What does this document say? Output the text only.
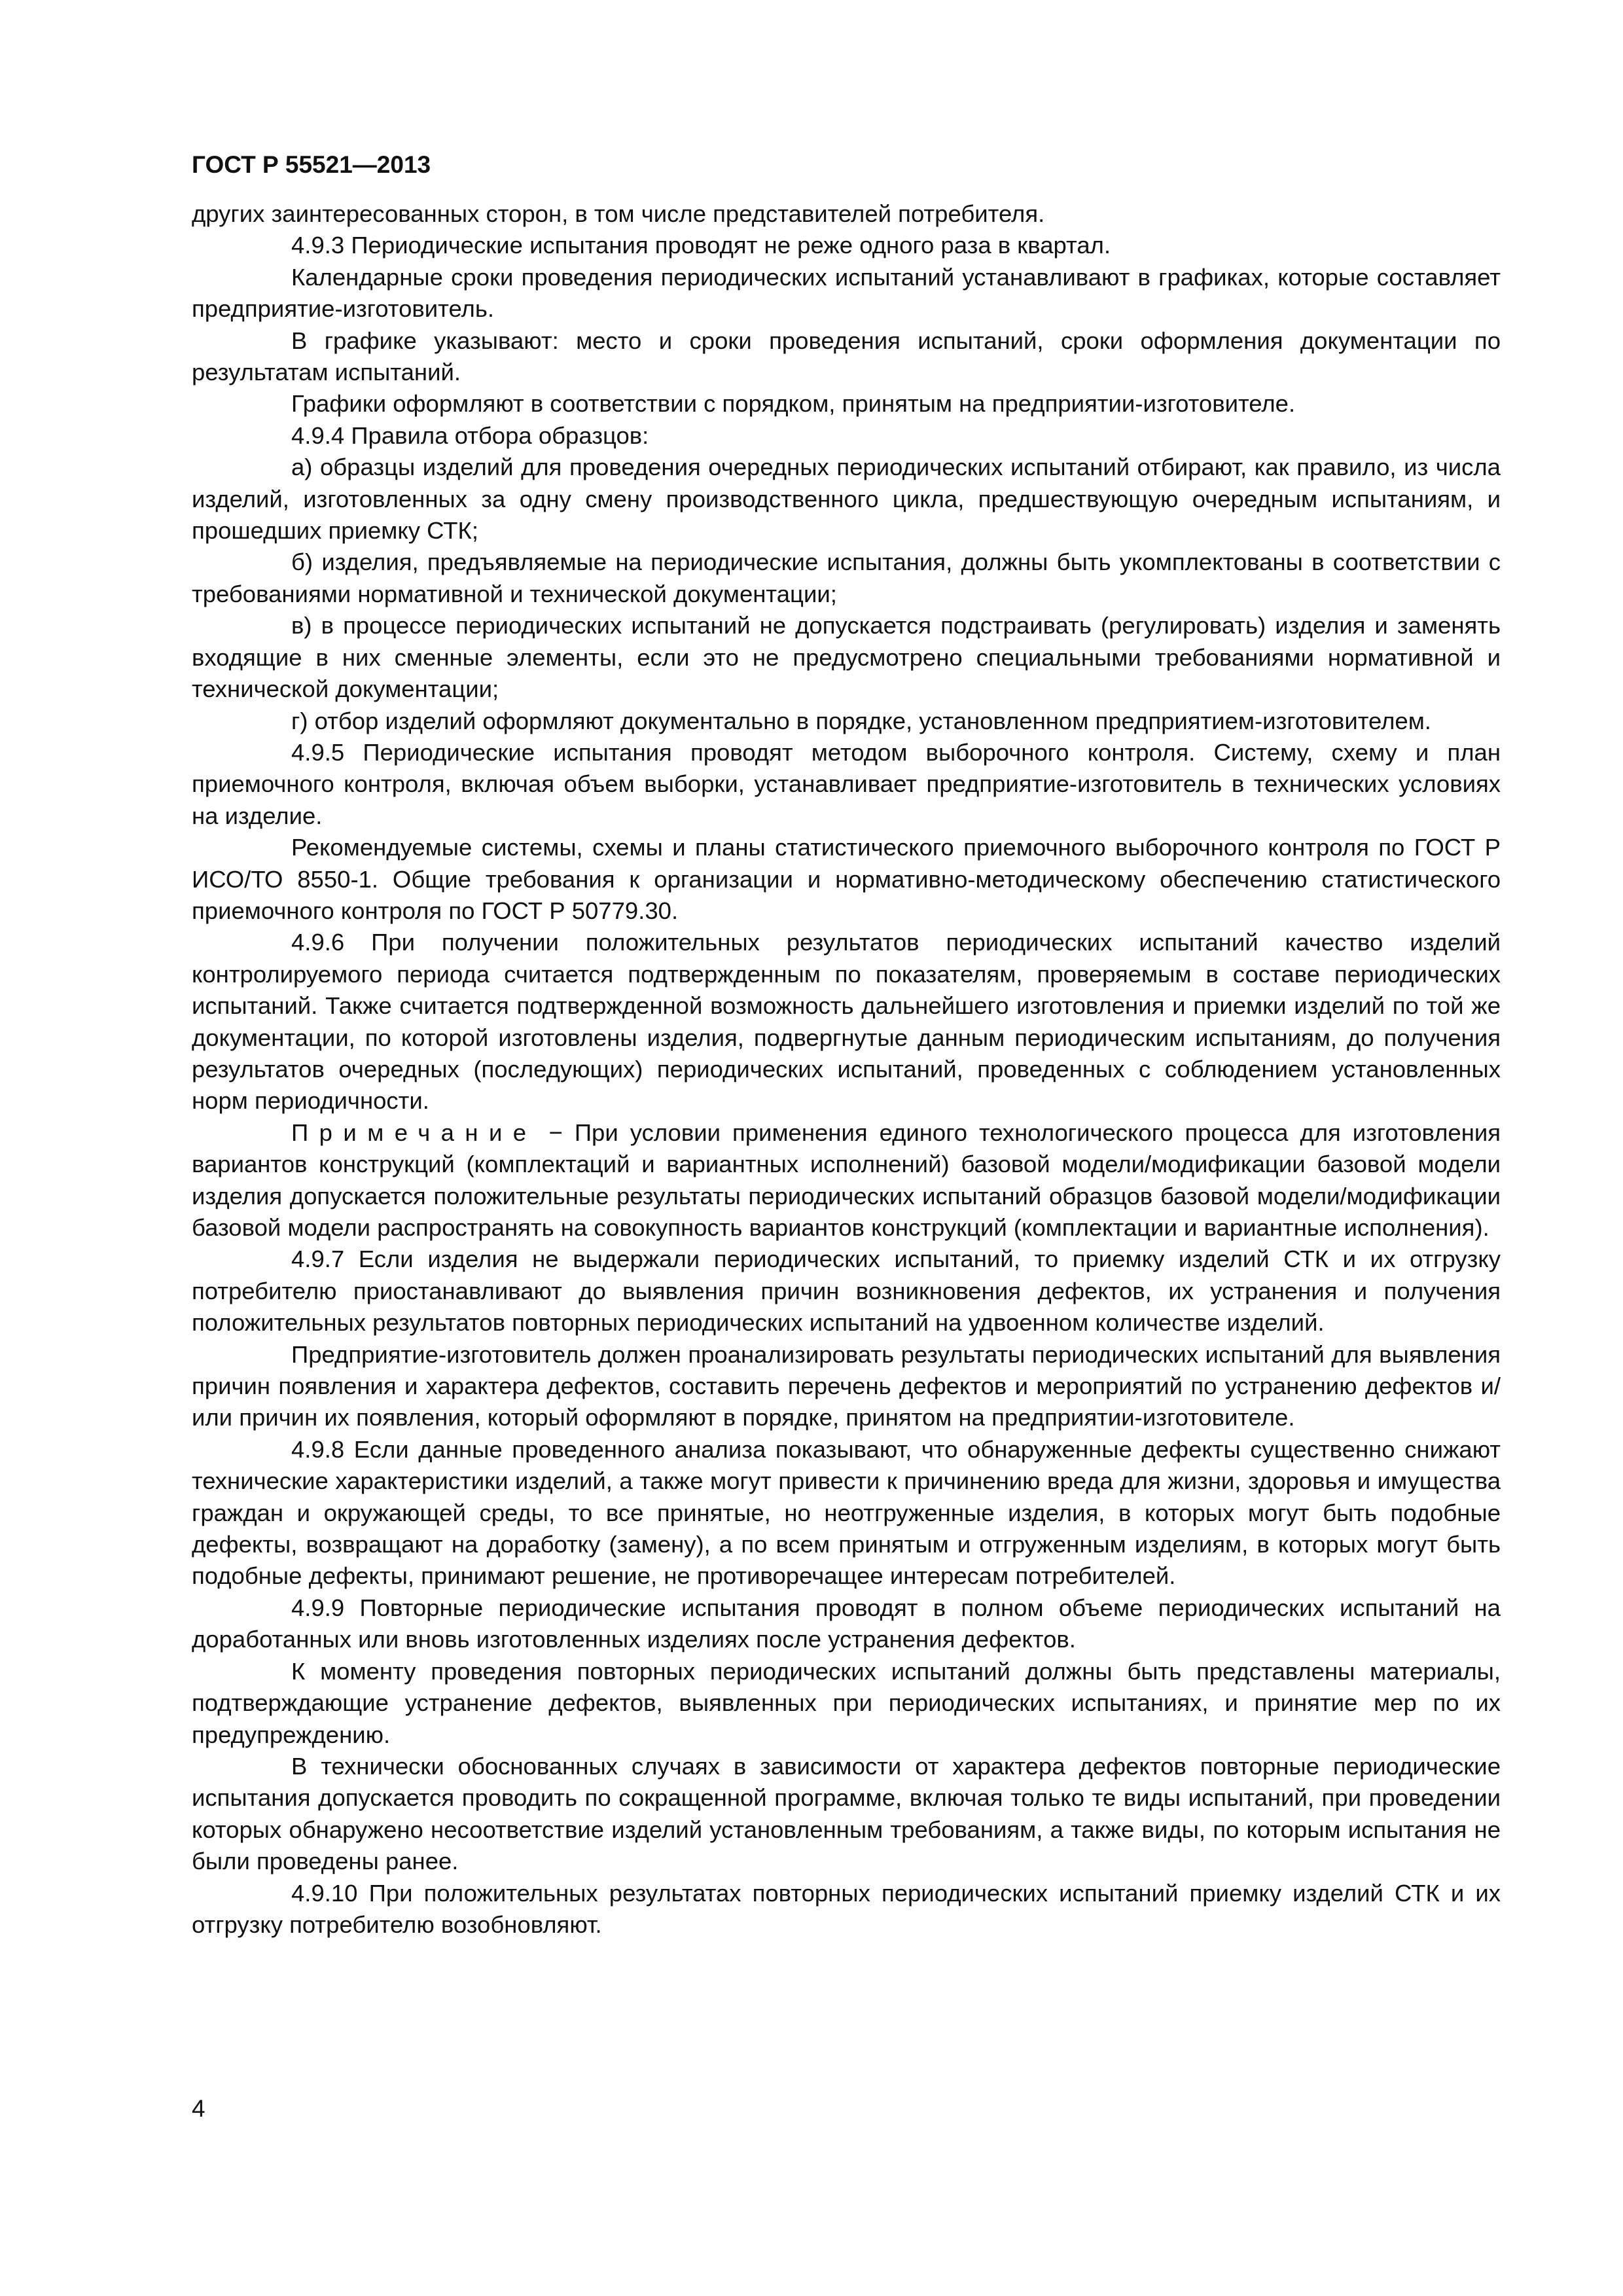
ГОСТ Р 55521—2013

других заинтересованных сторон, в том числе представителей потребителя.

4.9.3 Периодические испытания проводят не реже одного раза в квартал.

Календарные сроки проведения периодических испытаний устанавливают в графиках, которые составляет предприятие-изготовитель.

В графике указывают: место и сроки проведения испытаний, сроки оформления документации по результатам испытаний.

Графики оформляют в соответствии с порядком, принятым на предприятии-изготовителе.

4.9.4 Правила отбора образцов:

а) образцы изделий для проведения очередных периодических испытаний отбирают, как правило, из числа изделий, изготовленных за одну смену производственного цикла, предшествующую очередным испытаниям, и прошедших приемку СТК;

б) изделия, предъявляемые на периодические испытания, должны быть укомплектованы в соответствии с требованиями нормативной и технической документации;

в) в процессе периодических испытаний не допускается подстраивать (регулировать) изделия и заменять входящие в них сменные элементы, если это не предусмотрено специальными требованиями нормативной и технической документации;

г) отбор изделий оформляют документально в порядке, установленном предприятием-изготовителем.

4.9.5 Периодические испытания проводят методом выборочного контроля. Систему, схему и план приемочного контроля, включая объем выборки, устанавливает предприятие-изготовитель в технических условиях на изделие.

Рекомендуемые системы, схемы и планы статистического приемочного выборочного контроля по ГОСТ Р ИСО/ТО 8550-1. Общие требования к организации и нормативно-методическому обеспечению статистического приемочного контроля по ГОСТ Р 50779.30.

4.9.6 При получении положительных результатов периодических испытаний качество изделий контролируемого периода считается подтвержденным по показателям, проверяемым в составе периодических испытаний. Также считается подтвержденной возможность дальнейшего изготовления и приемки изделий по той же документации, по которой изготовлены изделия, подвергнутые данным периодическим испытаниям, до получения результатов очередных (последующих) периодических испытаний, проведенных с соблюдением установленных норм периодичности.

Примечание − При условии применения единого технологического процесса для изготовления вариантов конструкций (комплектаций и вариантных исполнений) базовой модели/модификации базовой модели изделия допускается положительные результаты периодических испытаний образцов базовой модели/модификации базовой модели распространять на совокупность вариантов конструкций (комплектации и вариантные исполнения).

4.9.7 Если изделия не выдержали периодических испытаний, то приемку изделий СТК и их отгрузку потребителю приостанавливают до выявления причин возникновения дефектов, их устранения и получения положительных результатов повторных периодических испытаний на удвоенном количестве изделий.

Предприятие-изготовитель должен проанализировать результаты периодических испытаний для выявления причин появления и характера дефектов, составить перечень дефектов и мероприятий по устранению дефектов и/или причин их появления, который оформляют в порядке, принятом на предприятии-изготовителе.

4.9.8 Если данные проведенного анализа показывают, что обнаруженные дефекты существенно снижают технические характеристики изделий, а также могут привести к причинению вреда для жизни, здоровья и имущества граждан и окружающей среды, то все принятые, но неотгруженные изделия, в которых могут быть подобные дефекты, возвращают на доработку (замену), а по всем принятым и отгруженным изделиям, в которых могут быть подобные дефекты, принимают решение, не противоречащее интересам потребителей.

4.9.9 Повторные периодические испытания проводят в полном объеме периодических испытаний на доработанных или вновь изготовленных изделиях после устранения дефектов.

К моменту проведения повторных периодических испытаний должны быть представлены материалы, подтверждающие устранение дефектов, выявленных при периодических испытаниях, и принятие мер по их предупреждению.

В технически обоснованных случаях в зависимости от характера дефектов повторные периодические испытания допускается проводить по сокращенной программе, включая только те виды испытаний, при проведении которых обнаружено несоответствие изделий установленным требованиям, а также виды, по которым испытания не были проведены ранее.

4.9.10 При положительных результатах повторных периодических испытаний приемку изделий СТК и их отгрузку потребителю возобновляют.

4
